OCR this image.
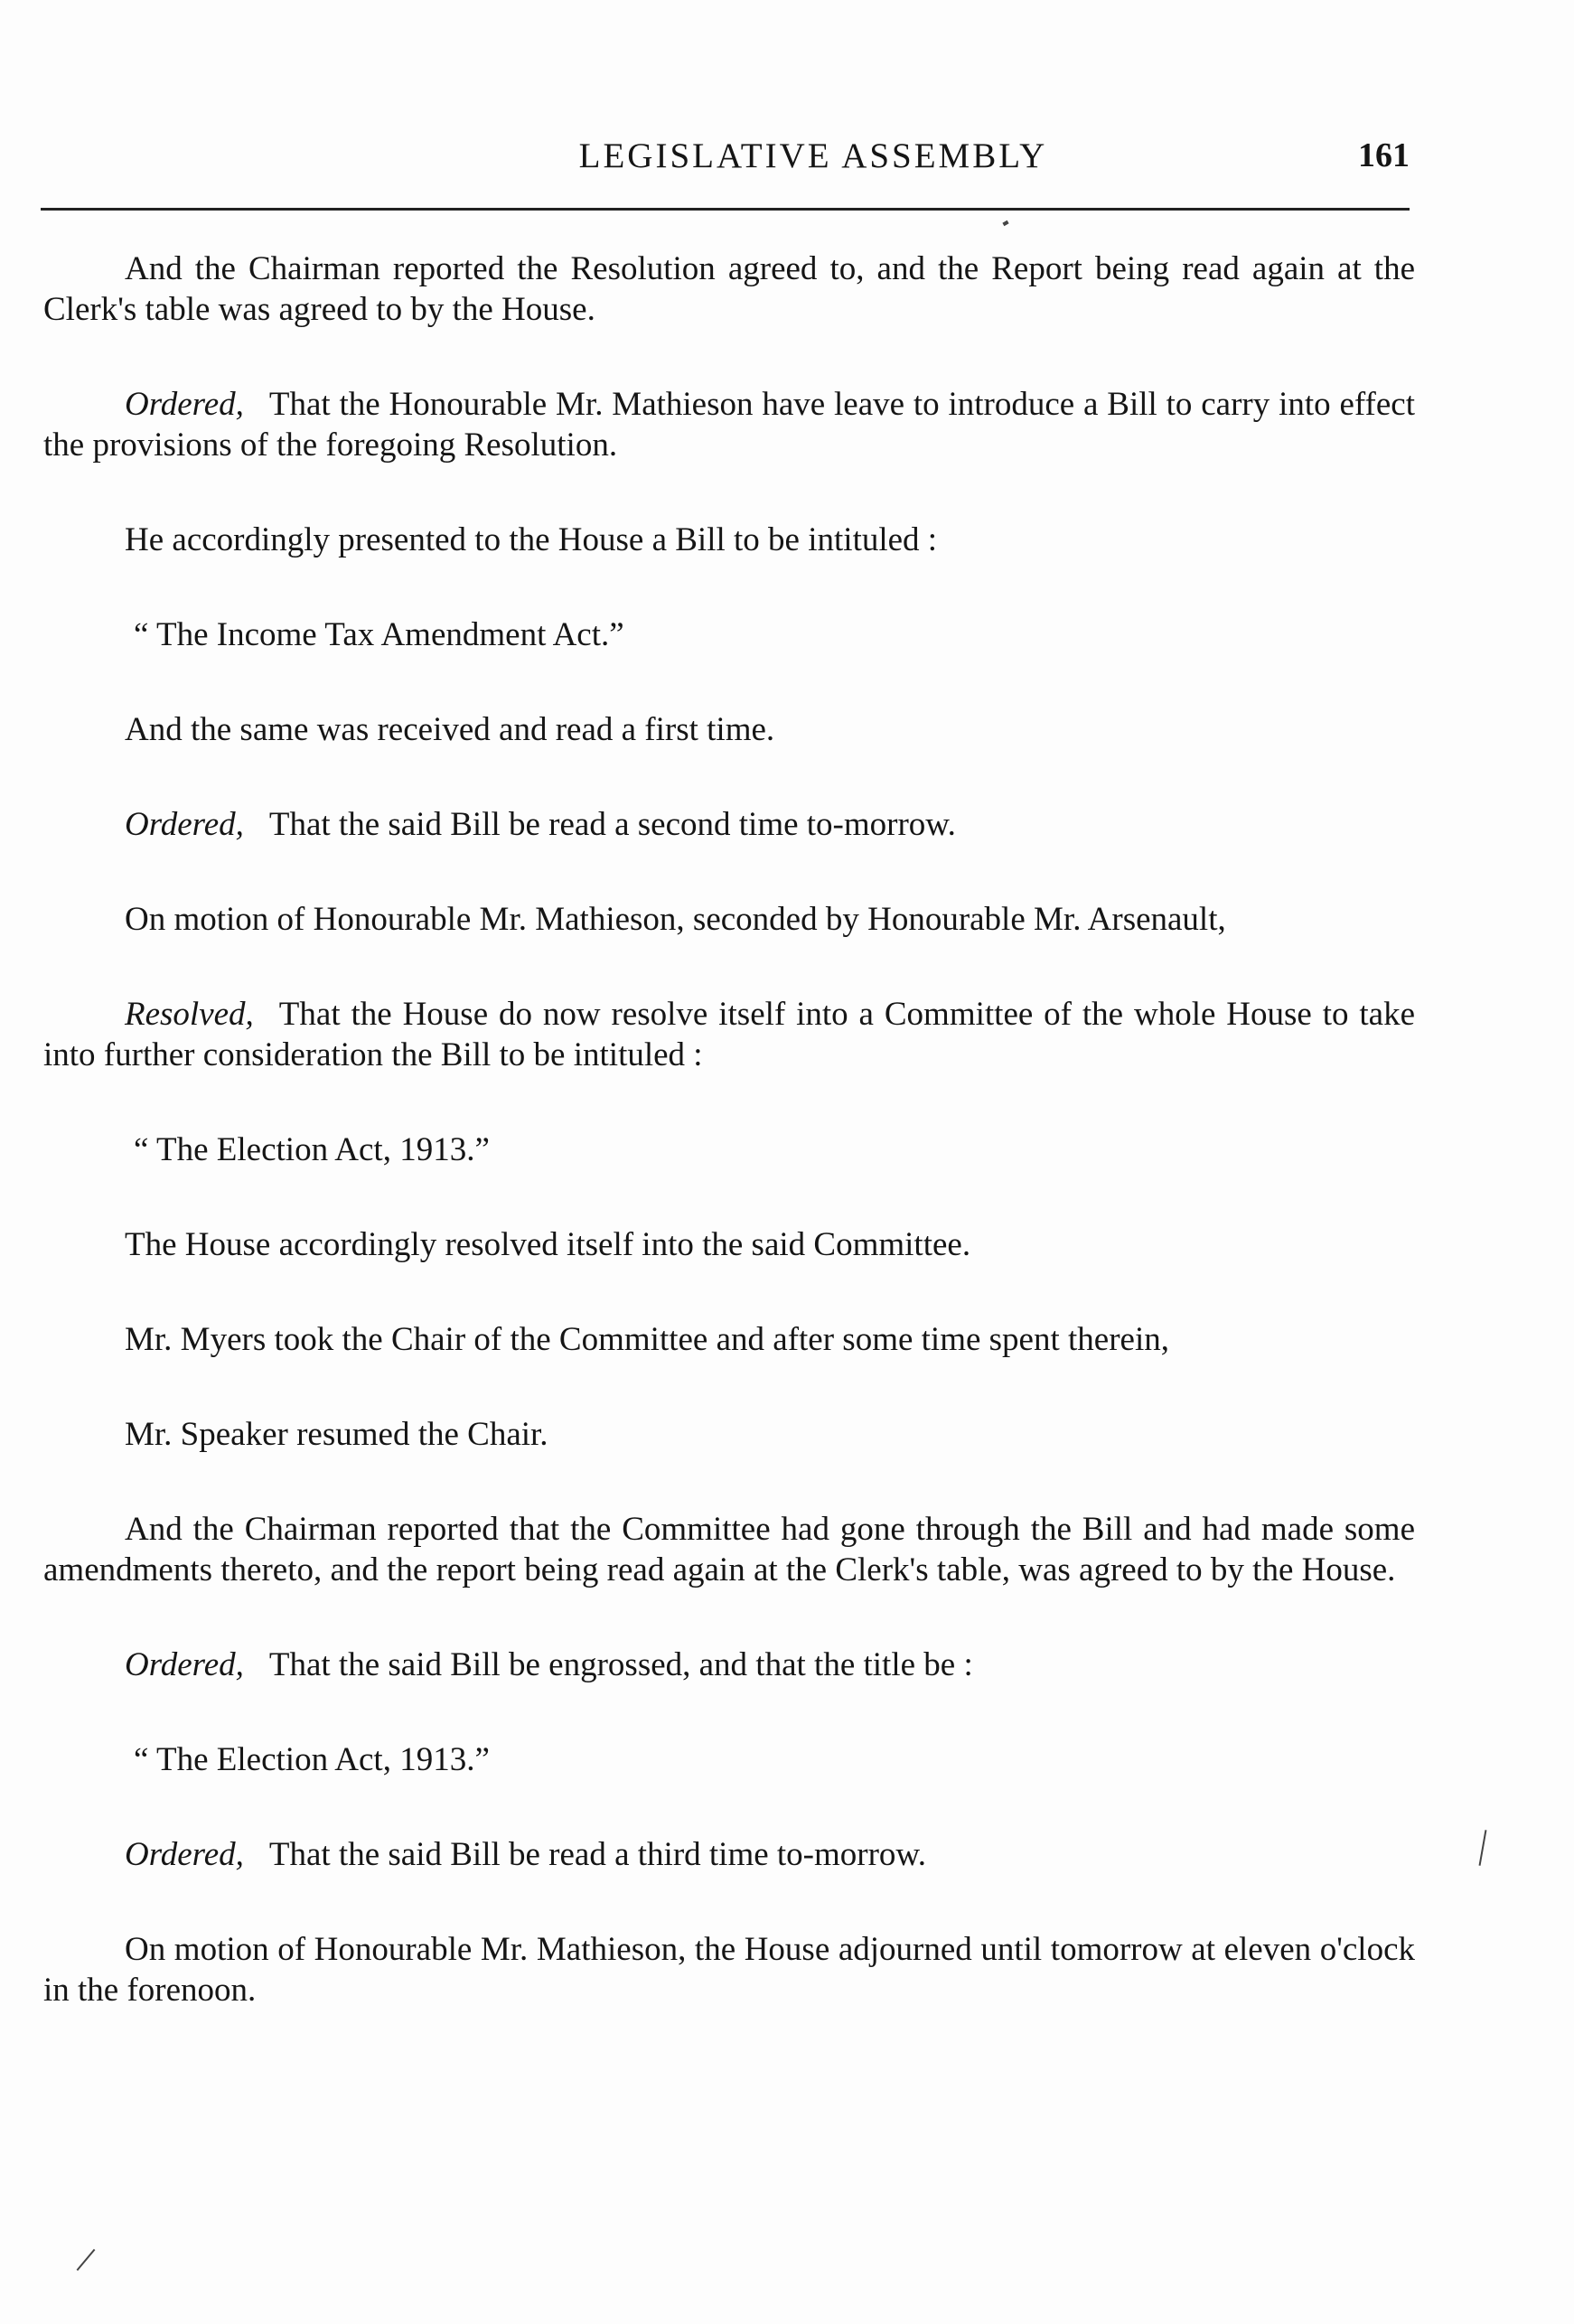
LEGISLATIVE ASSEMBLY	161

And the Chairman reported the Resolution agreed to, and the Report being read again at the Clerk's table was agreed to by the House.

Ordered, That the Honourable Mr. Mathieson have leave to introduce a Bill to carry into effect the provisions of the foregoing Resolution.

He accordingly presented to the House a Bill to be intituled :

“ The Income Tax Amendment Act.”

And the same was received and read a first time.

Ordered, That the said Bill be read a second time to-morrow.

On motion of Honourable Mr. Mathieson, seconded by Honourable Mr. Arsenault,

Resolved, That the House do now resolve itself into a Committee of the whole House to take into further consideration the Bill to be intituled :

“ The Election Act, 1913.”

The House accordingly resolved itself into the said Committee.

Mr. Myers took the Chair of the Committee and after some time spent therein,

Mr. Speaker resumed the Chair.

And the Chairman reported that the Committee had gone through the Bill and had made some amendments thereto, and the report being read again at the Clerk's table, was agreed to by the House.

Ordered, That the said Bill be engrossed, and that the title be :

“ The Election Act, 1913.”

Ordered, That the said Bill be read a third time to-morrow.

On motion of Honourable Mr. Mathieson, the House adjourned until tomorrow at eleven o'clock in the forenoon.
